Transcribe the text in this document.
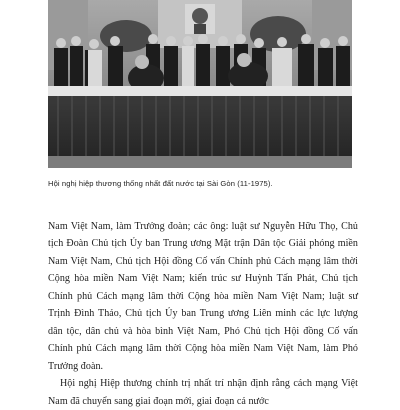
Hội nghị hiệp thương thống nhất đất nước tại Sài Gòn (11-1975).

Nam Việt Nam, làm Trưởng đoàn; các ông: luật sư Nguyễn Hữu Thọ, Chủ tịch Đoàn Chủ tịch Ủy ban Trung ương Mặt trận Dân tộc Giải phóng miền Nam Việt Nam, Chủ tịch Hội đồng Cố vấn Chính phủ Cách mạng lâm thời Cộng hòa miền Nam Việt Nam; kiến trúc sư Huỳnh Tấn Phát, Chủ tịch Chính phủ Cách mạng lâm thời Cộng hòa miền Nam Việt Nam; luật sư Trịnh Đình Thảo, Chủ tịch Ủy ban Trung ương Liên minh các lực lượng dân tộc, dân chủ và hòa bình Việt Nam, Phó Chủ tịch Hội đồng Cố vấn Chính phủ Cách mạng lâm thời Cộng hòa miền Nam Việt Nam, làm Phó Trưởng đoàn.

Hội nghị Hiệp thương chính trị nhất trí nhận định rằng cách mạng Việt Nam đã chuyển sang giai đoạn mới, giai đoạn cả nước
